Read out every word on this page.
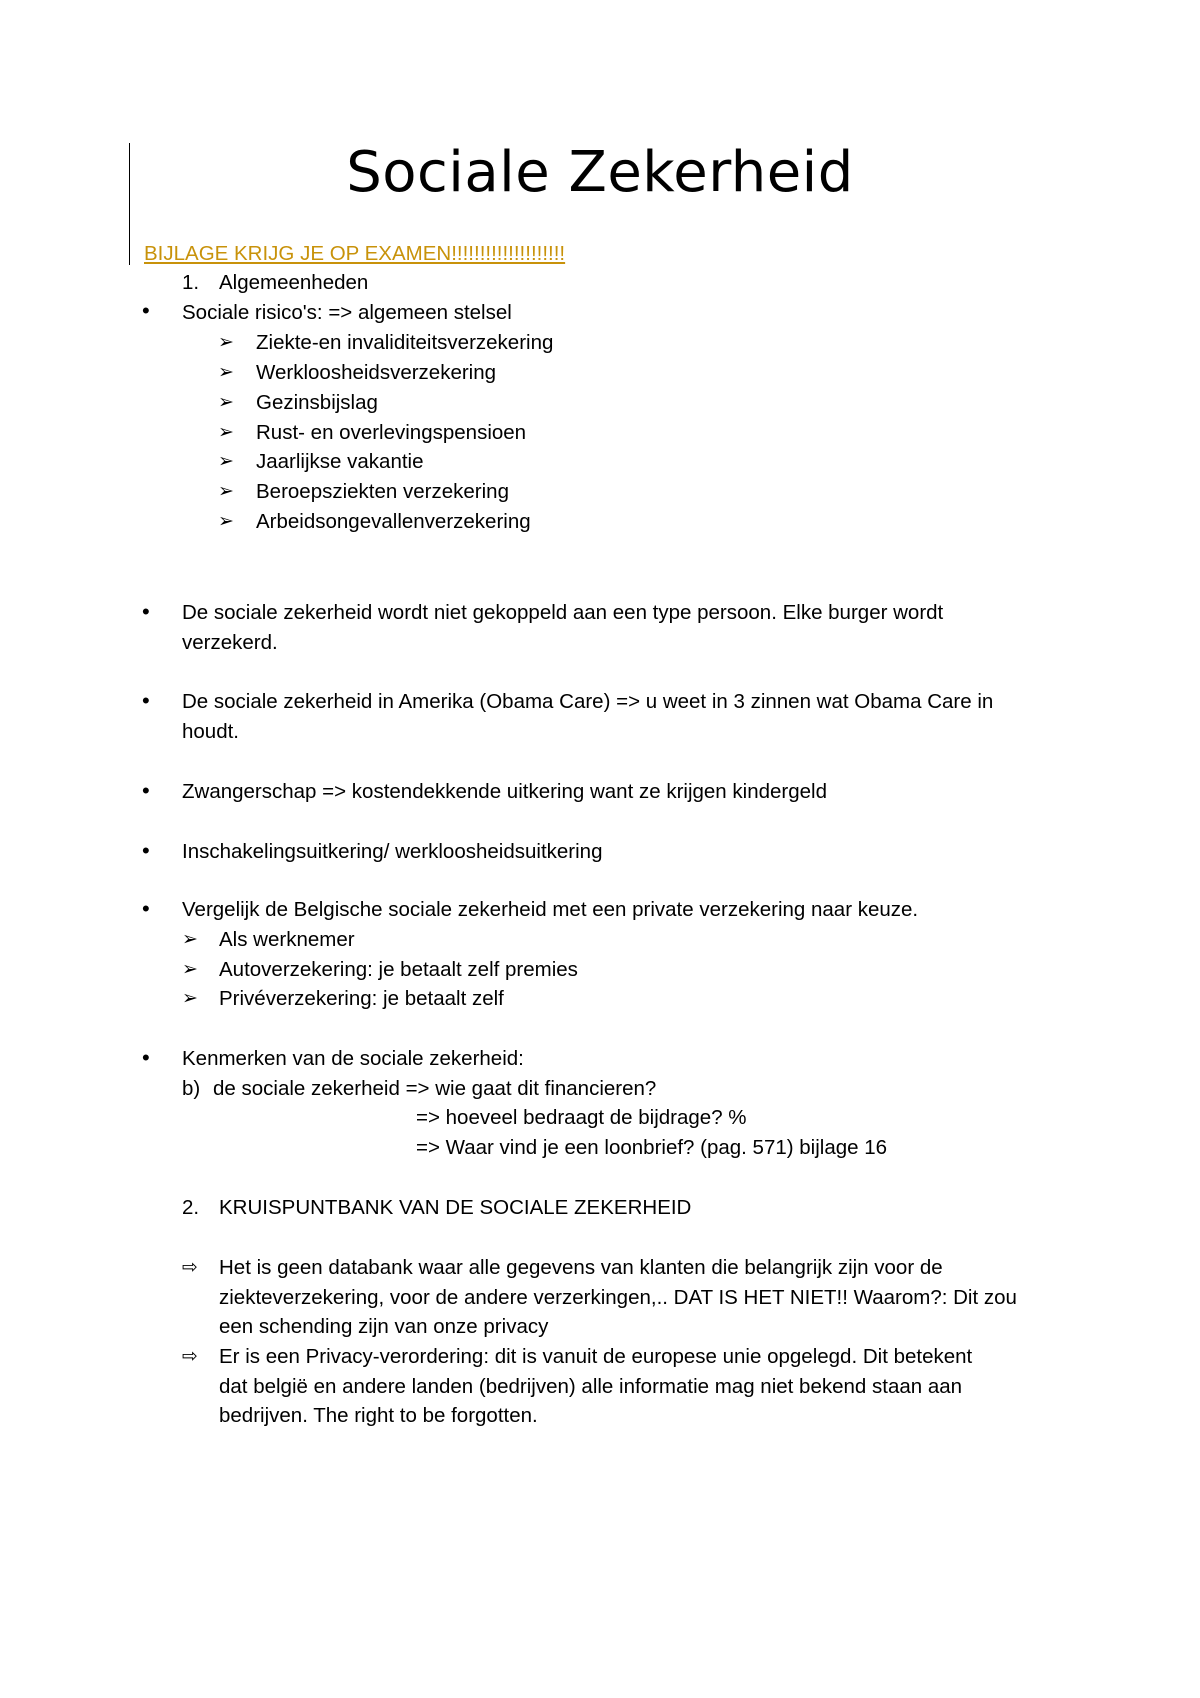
Sociale Zekerheid
BIJLAGE KRIJG JE OP EXAMEN!!!!!!!!!!!!!!!!!!!!
1. Algemeenheden
• Sociale risico's: => algemeen stelsel
➢ Ziekte-en invaliditeitsverzekering
➢ Werkloosheidsverzekering
➢ Gezinsbijslag
➢ Rust- en overlevingspensioen
➢ Jaarlijkse vakantie
➢ Beroepsziekten verzekering
➢ Arbeidsongevallenverzekering
• De sociale zekerheid wordt niet gekoppeld aan een type persoon. Elke burger wordt
verzekerd.
• De sociale zekerheid in Amerika (Obama Care) => u weet in 3 zinnen wat Obama Care in
houdt.
• Zwangerschap => kostendekkende uitkering want ze krijgen kindergeld
• Inschakelingsuitkering/ werkloosheidsuitkering
• Vergelijk de Belgische sociale zekerheid met een private verzekering naar keuze.
➢ Als werknemer
➢ Autoverzekering: je betaalt zelf premies
➢ Privéverzekering: je betaalt zelf
• Kenmerken van de sociale zekerheid:
b) de sociale zekerheid => wie gaat dit financieren?
=> hoeveel bedraagt de bijdrage? %
=> Waar vind je een loonbrief? (pag. 571) bijlage 16
2. KRUISPUNTBANK VAN DE SOCIALE ZEKERHEID
⇨ Het is geen databank waar alle gegevens van klanten die belangrijk zijn voor de
ziekteverzekering, voor de andere verzerkingen,.. DAT IS HET NIET!! Waarom?: Dit zou
een schending zijn van onze privacy
⇨ Er is een Privacy-verordering: dit is vanuit de europese unie opgelegd. Dit betekent
dat belgië en andere landen (bedrijven) alle informatie mag niet bekend staan aan
bedrijven. The right to be forgotten.
